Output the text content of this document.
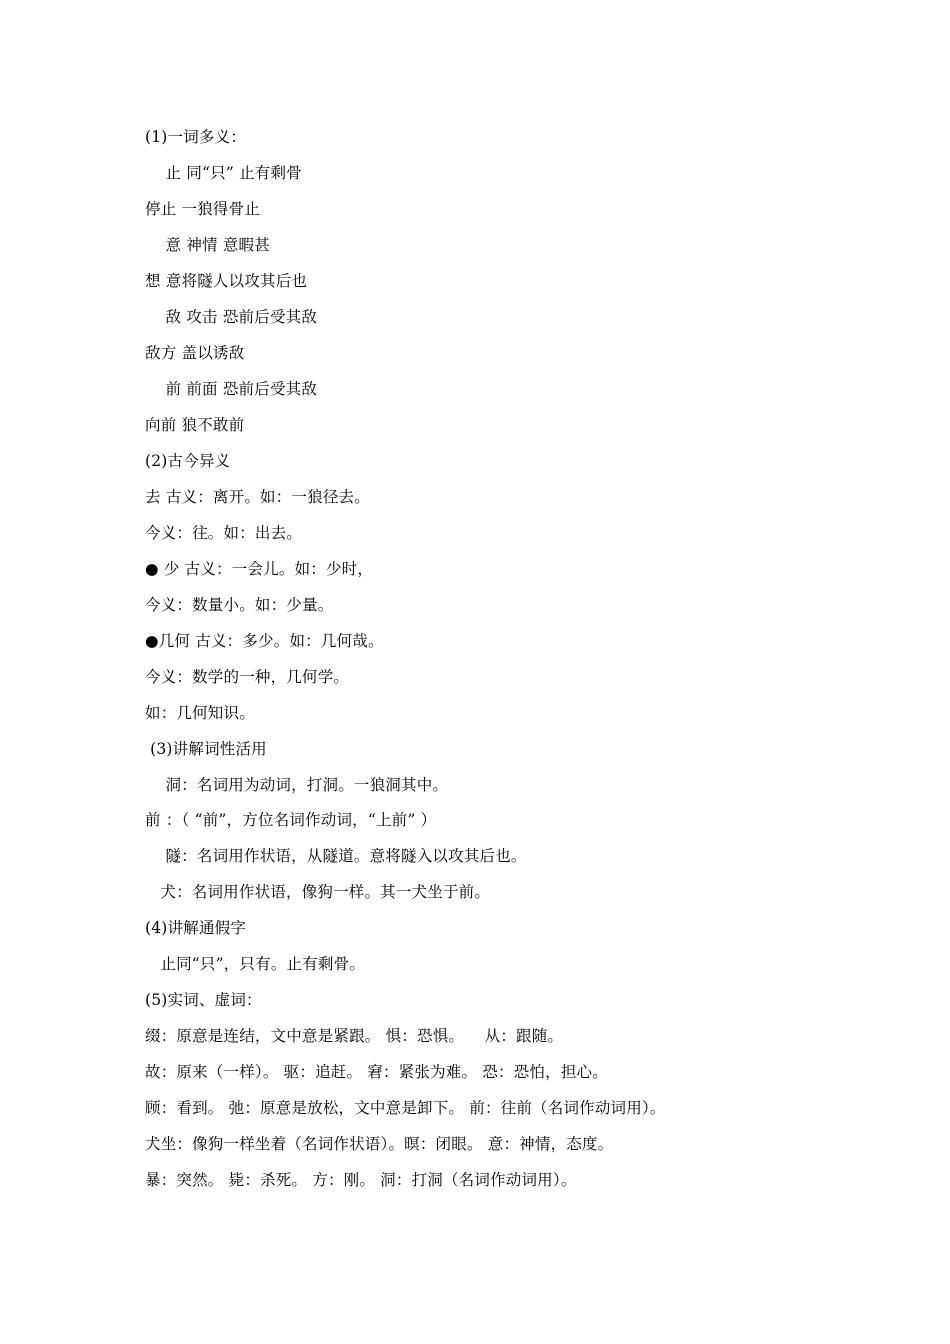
(1)一词多义：
止 同“只” 止有剩骨
停止 一狼得骨止
意 神情 意暇甚
想 意将隧人以攻其后也
敌 攻击 恐前后受其敌
敌方 盖以诱敌
前 前面 恐前后受其敌
向前 狼不敢前
(2)古今异义
去 古义：离开。如：一狼径去。
今义：往。如：出去。
● 少 古义：一会儿。如：少时，
今义：数量小。如：少量。
●几何 古义：多少。如：几何哉。
今义：数学的一种，几何学。
如：几何知识。
(3)讲解词性活用
洞：名词用为动词，打洞。一狼洞其中。
前 ：（ “前”，方位名词作动词，“上前” ）
隧：名词用作状语，从隧道。意将隧入以攻其后也。
犬：名词用作状语，像狗一样。其一犬坐于前。
(4)讲解通假字
止同“只”，只有。止有剩骨。
(5)实词、虚词：
缀：原意是连结，文中意是紧跟。 惧：恐惧。    从：跟随。
故：原来（一样）。 驱：追赶。 窘：紧张为难。 恐：恐怕，担心。
顾：看到。 弛：原意是放松，文中意是卸下。 前：往前（名词作动词用）。
犬坐：像狗一样坐着（名词作状语）。暝：闭眼。 意：神情，态度。
暴：突然。 毙：杀死。 方：刚。 洞：打洞（名词作动词用）。
